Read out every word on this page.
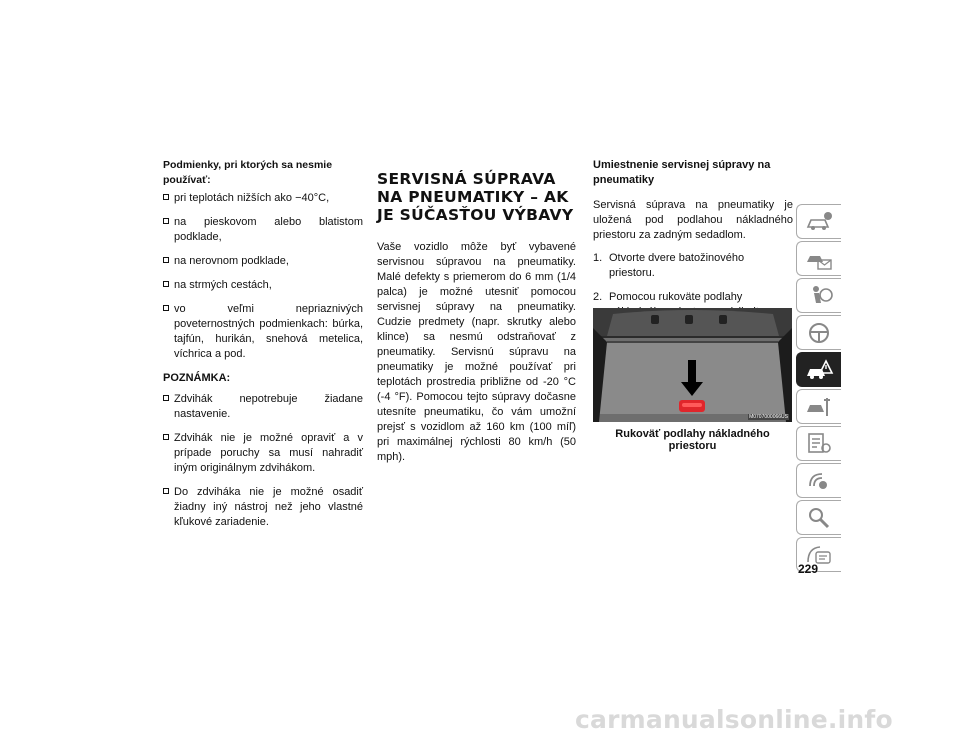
Podmienky, pri ktorých sa nesmie používať:
pri teplotách nižších ako −40°C,
na pieskovom alebo blatistom podklade,
na nerovnom podklade,
na strmých cestách,
vo veľmi nepriaznivých poveternostných podmienkach: búrka, tajfún, hurikán, snehová metelica, víchrica a pod.
POZNÁMKA:
Zdvihák nepotrebuje žiadane nastavenie.
Zdvihák nie je možné opraviť a v prípade poruchy sa musí nahradiť iným originálnym zdvihákom.
Do zdviháka nie je možné osadiť žiadny iný nástroj než jeho vlastné kľukové zariadenie.
SERVISNÁ SÚPRAVA NA PNEUMATIKY – AK JE SÚČASŤOU VÝBAVY

Vaše vozidlo môže byť vybavené servisnou súpravou na pneumatiky. Malé defekty s priemerom do 6 mm (1/4 palca) je možné utesniť pomocou servisnej súpravy na pneumatiky. Cudzie predmety (napr. skrutky alebo klince) sa nesmú odstraňovať z pneumatiky. Servisnú súpravu na pneumatiky je možné používať pri teplotách prostredia približne od -20 °C (-4 °F). Pomocou tejto súpravy dočasne utesníte pneumatiku, čo vám umožní prejsť s vozidlom až 160 km (100 míľ) pri maximálnej rýchlosti 80 km/h (50 mph).

Umiestnenie servisnej súpravy na pneumatiky

Servisná súprava na pneumatiky je uložená pod podlahou nákladného priestoru za zadným sedadlom.

1. Otvorte dvere batožinového priestoru.
2. Pomocou rukoväte podlahy
M0707000066US
Rukoväť podlahy nákladného priestoru
229
carmanualsonline.info
